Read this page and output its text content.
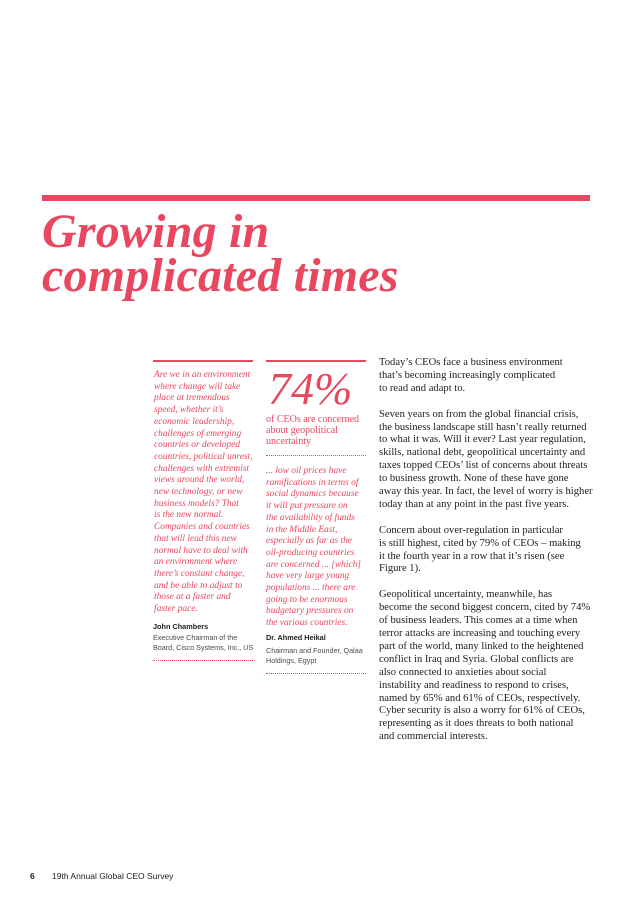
Growing in
complicated times
Are we in an environment
where change will take
place at tremendous
speed, whether it’s
economic leadership,
challenges of emerging
countries or developed
countries, political unrest,
challenges with extremist
views around the world,
new technology, or new
business models? That
is the new normal.
Companies and countries
that will lead this new
normal have to deal with
an environment where
there’s constant change,
and be able to adjust to
those at a faster and
faster pace.
John Chambers
Executive Chairman of the
Board, Cisco Systems, Inc., US
74%
of CEOs are concerned
about geopolitical
uncertainty
... low oil prices have
ramifications in terms of
social dynamics because
it will put pressure on
the availability of funds
in the Middle East,
especially as far as the
oil-producing countries
are concerned ... [which]
have very large young
populations ... there are
going to be enormous
budgetary pressures on
the various countries.
Dr. Ahmed Heikal
Chairman and Founder, Qalaa
Holdings, Egypt
Today’s CEOs face a business environment
that’s becoming increasingly complicated
to read and adapt to.
Seven years on from the global financial crisis,
the business landscape still hasn’t really returned
to what it was. Will it ever? Last year regulation,
skills, national debt, geopolitical uncertainty and
taxes topped CEOs’ list of concerns about threats
to business growth. None of these have gone
away this year. In fact, the level of worry is higher
today than at any point in the past five years.
Concern about over-regulation in particular
is still highest, cited by 79% of CEOs – making
it the fourth year in a row that it’s risen (see
Figure 1).
Geopolitical uncertainty, meanwhile, has
become the second biggest concern, cited by 74%
of business leaders. This comes at a time when
terror attacks are increasing and touching every
part of the world, many linked to the heightened
conflict in Iraq and Syria. Global conflicts are
also connected to anxieties about social
instability and readiness to respond to crises,
named by 65% and 61% of CEOs, respectively.
Cyber security is also a worry for 61% of CEOs,
representing as it does threats to both national
and commercial interests.
6 19th Annual Global CEO Survey
